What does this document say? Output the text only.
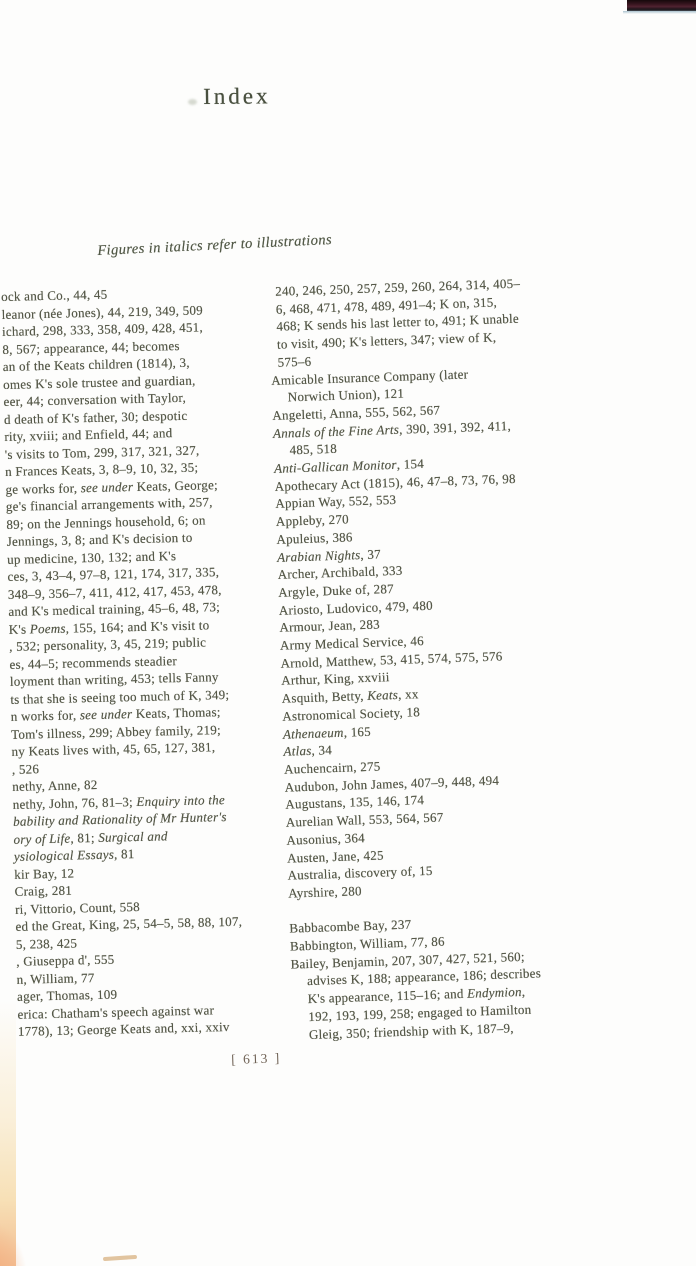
Index
Figures in italics refer to illustrations
ock and Co., 44, 45
leanor (née Jones), 44, 219, 349, 509
ichard, 298, 333, 358, 409, 428, 451,
8, 567; appearance, 44; becomes
an of the Keats children (1814), 3,
omes K's sole trustee and guardian,
eer, 44; conversation with Taylor,
d death of K's father, 30; despotic
rity, xviii; and Enfield, 44; and
's visits to Tom, 299, 317, 321, 327,
n Frances Keats, 3, 8–9, 10, 32, 35;
ge works for, see under Keats, George;
ge's financial arrangements with, 257,
89; on the Jennings household, 6; on
Jennings, 3, 8; and K's decision to
up medicine, 130, 132; and K's
ces, 3, 43–4, 97–8, 121, 174, 317, 335,
348–9, 356–7, 411, 412, 417, 453, 478,
and K's medical training, 45–6, 48, 73;
K's Poems, 155, 164; and K's visit to
, 532; personality, 3, 45, 219; public
es, 44–5; recommends steadier
loyment than writing, 453; tells Fanny
ts that she is seeing too much of K, 349;
n works for, see under Keats, Thomas;
Tom's illness, 299; Abbey family, 219;
ny Keats lives with, 45, 65, 127, 381,
, 526
nethy, Anne, 82
nethy, John, 76, 81–3; Enquiry into the
bability and Rationality of Mr Hunter's
ory of Life, 81; Surgical and
ysiological Essays, 81
kir Bay, 12
Craig, 281
ri, Vittorio, Count, 558
ed the Great, King, 25, 54–5, 58, 88, 107,
5, 238, 425
, Giuseppa d', 555
n, William, 77
ager, Thomas, 109
erica: Chatham's speech against war
1778), 13; George Keats and, xxi, xxiv
240, 246, 250, 257, 259, 260, 264, 314, 405–
6, 468, 471, 478, 489, 491–4; K on, 315,
468; K sends his last letter to, 491; K unable
to visit, 490; K's letters, 347; view of K,
575–6
Amicable Insurance Company (later
Norwich Union), 121
Angeletti, Anna, 555, 562, 567
Annals of the Fine Arts, 390, 391, 392, 411,
485, 518
Anti-Gallican Monitor, 154
Apothecary Act (1815), 46, 47–8, 73, 76, 98
Appian Way, 552, 553
Appleby, 270
Apuleius, 386
Arabian Nights, 37
Archer, Archibald, 333
Argyle, Duke of, 287
Ariosto, Ludovico, 479, 480
Armour, Jean, 283
Army Medical Service, 46
Arnold, Matthew, 53, 415, 574, 575, 576
Arthur, King, xxviii
Asquith, Betty, Keats, xx
Astronomical Society, 18
Athenaeum, 165
Atlas, 34
Auchencairn, 275
Audubon, John James, 407–9, 448, 494
Augustans, 135, 146, 174
Aurelian Wall, 553, 564, 567
Ausonius, 364
Austen, Jane, 425
Australia, discovery of, 15
Ayrshire, 280
Babbacombe Bay, 237
Babbington, William, 77, 86
Bailey, Benjamin, 207, 307, 427, 521, 560;
advises K, 188; appearance, 186; describes
K's appearance, 115–16; and Endymion,
192, 193, 199, 258; engaged to Hamilton
Gleig, 350; friendship with K, 187–9,
[ 613 ]
